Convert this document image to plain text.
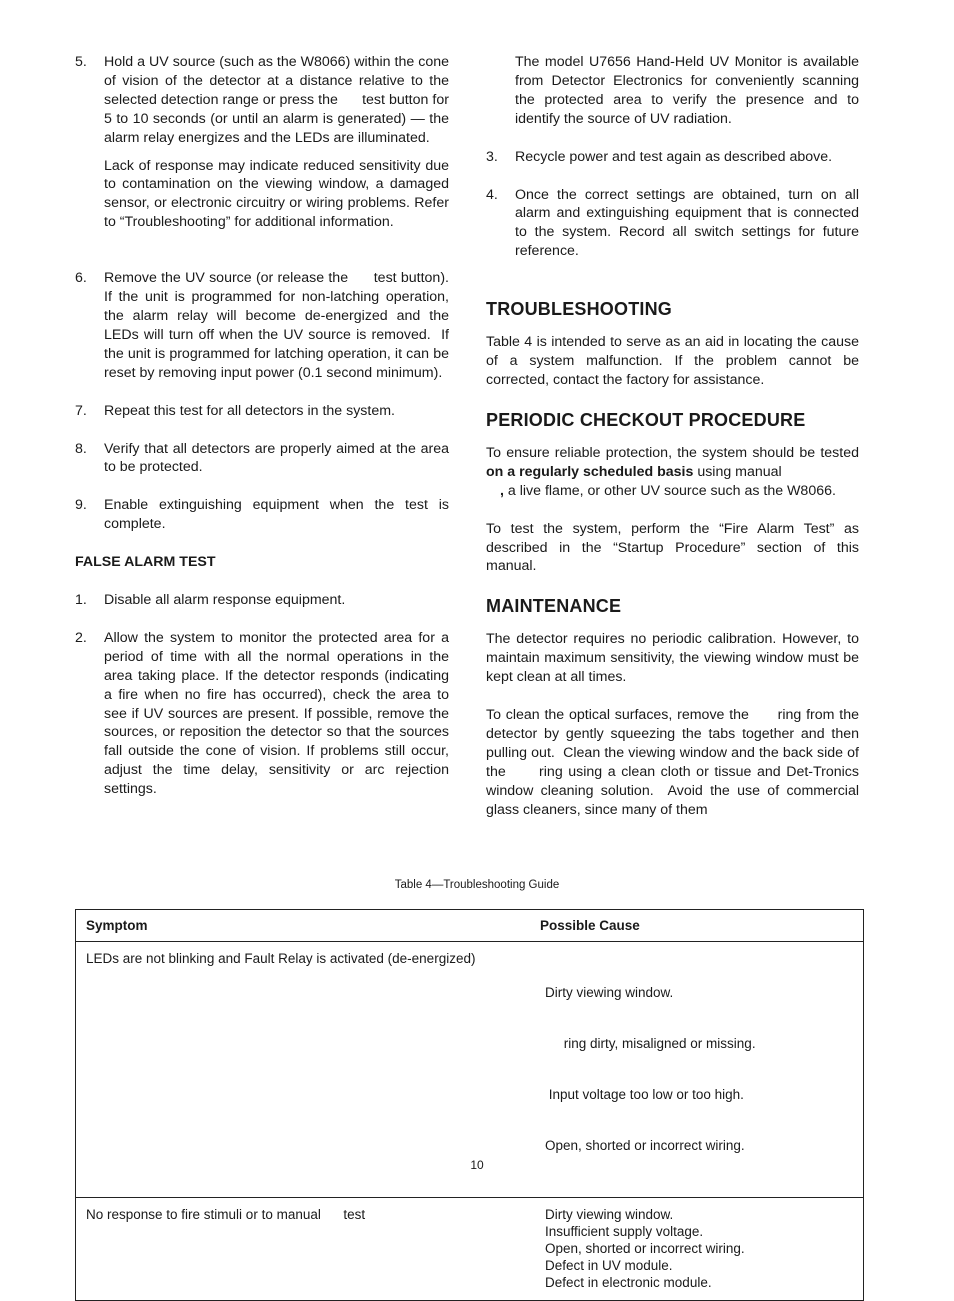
5.	Hold a UV source (such as the W8066) within the cone of vision of the detector at a distance relative to the selected detection range or press the      test button for 5 to 10 seconds (or until an alarm is generated) — the alarm relay energizes and the LEDs are illuminated.
Lack of response may indicate reduced sensitivity due to contamination on the viewing window, a damaged sensor, or electronic circuitry or wiring problems. Refer to “Troubleshooting” for additional information.
6.	Remove the UV source (or release the      test button).  If the unit is programmed for non-latching operation, the alarm relay will become de-energized and the LEDs will turn off when the UV source is removed.  If the unit is programmed for latching operation, it can be reset by removing input power (0.1 second minimum).
7.	Repeat this test for all detectors in the system.
8.	Verify that all detectors are properly aimed at the area to be protected.
9.	Enable extinguishing equipment when the test is complete.
FALSE ALARM TEST
1.	Disable all alarm response equipment.
2.	Allow the system to monitor the protected area for a period of time with all the normal operations in the area taking place. If the detector responds (indicating a fire when no fire has occurred), check the area to see if UV sources are present. If possible, remove the sources, or reposition the detector so that the sources fall outside the cone of vision. If problems still occur, adjust the time delay, sensitivity or arc rejection settings.
The model U7656 Hand-Held UV Monitor is available from Detector Electronics for conveniently scanning the protected area to verify the presence and to identify the source of UV radiation.
3.	Recycle power and test again as described above.
4.	Once the correct settings are obtained, turn on all alarm and extinguishing equipment that is connected to the system. Record all switch settings for future reference.
TROUBLESHOOTING
Table 4 is intended to serve as an aid in locating the cause of a system malfunction. If the problem cannot be corrected, contact the factory for assistance.
PERIODIC CHECKOUT PROCEDURE
To ensure reliable protection, the system should be tested on a regularly scheduled basis using manual
, a live flame, or other UV source such as the W8066.
To test the system, perform the “Fire Alarm Test” as described in the “Startup Procedure” section of this manual.
MAINTENANCE
The detector requires no periodic calibration. However, to maintain maximum sensitivity, the viewing window must be kept clean at all times.
To clean the optical surfaces, remove the      ring from the detector by gently squeezing the tabs together and then pulling out.  Clean the viewing window and the back side of the      ring using a clean cloth or tissue and Det-Tronics window cleaning solution.  Avoid the use of commercial glass cleaners, since many of them
Table 4—Troubleshooting Guide
Symptom	Possible Cause
LEDs are not blinking and Fault Relay is activated (de-energized)	Dirty viewing window.

ring dirty, misaligned or missing.

Input voltage too low or too high.

Open, shorted or incorrect wiring.

No response to fire stimuli or to manual      test	Dirty viewing window.
Insufficient supply voltage.
Open, shorted or incorrect wiring.
Defect in UV module.
Defect in electronic module.
10
